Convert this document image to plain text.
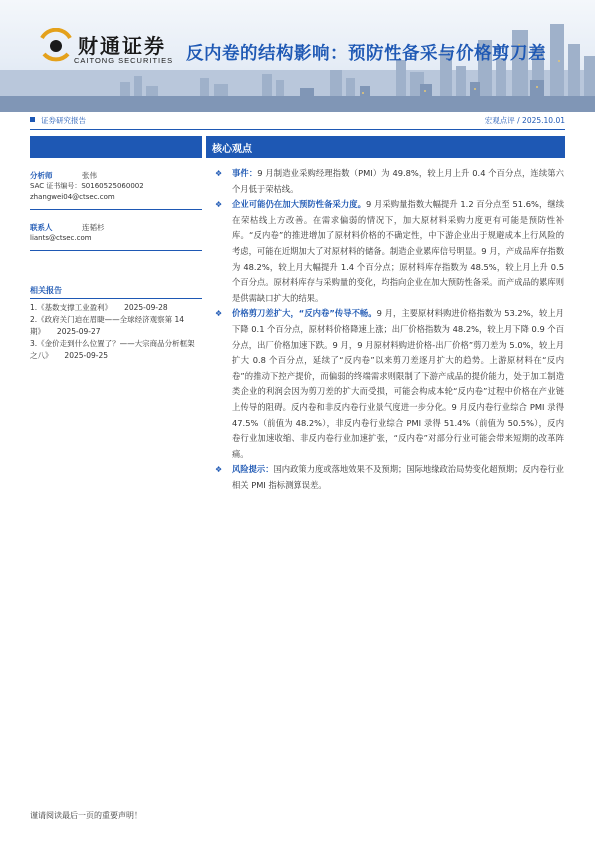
财通证券
CAITONG SECURITIES 反内卷的结构影响：预防性备采与价格剪刀差
证券研究报告	宏观点评 / 2025.10.01
分析师	张伟
SAC 证书编号：S0160525060002
zhangwei04@ctsec.com
联系人	连韬杉
liants@ctsec.com
相关报告
1.《基数支撑工业盈利》 2025-09-28
2.《政府关门迫在眉睫——全球经济观察第 14 期》 2025-09-27
3.《金价走到什么位置了？——大宗商品分析框架之八》 2025-09-25
核心观点
❖ 事件：9 月制造业采购经理指数（PMI）为 49.8%，较上月上升 0.4 个百分点，连续第六个月低于荣枯线。
❖ 企业可能仍在加大预防性备采力度。9 月采购量指数大幅提升 1.2 百分点至 51.6%，继续在荣枯线上方改善。在需求偏弱的情况下，加大原材料采购力度更有可能是预防性补库。“反内卷”的推进增加了原材料价格的不确定性，中下游企业出于规避成本上行风险的考虑，可能在近期加大了对原材料的储备。制造企业累库信号明显。9 月，产成品库存指数为 48.2%，较上月大幅提升 1.4 个百分点；原材料库存指数为 48.5%，较上月上升 0.5 个百分点。原材料库存与采购量的变化，均指向企业在加大预防性备采。而产成品的累库则是供需缺口扩大的结果。
❖ 价格剪刀差扩大，“反内卷”传导不畅。9 月，主要原材料购进价格指数为 53.2%，较上月下降 0.1 个百分点，原材料价格降速上涨；出厂价格指数为 48.2%，较上月下降 0.9 个百分点，出厂价格加速下跌。9 月，9 月原材料购进价格-出厂价格”剪刀差为 5.0%，较上月扩大 0.8 个百分点，延续了“反内卷”以来剪刀差逐月扩大的趋势。上游原材料在“反内卷”的推动下控产提价，而偏弱的终端需求则限制了下游产成品的提价能力，处于加工制造类企业的利润会因为剪刀差的扩大而受损，可能会构成本轮“反内卷”过程中价格在产业链上传导的阻碍。反内卷和非反内卷行业景气度进一步分化。9 月反内卷行业综合 PMI 录得 47.5%（前值为 48.2%），非反内卷行业综合 PMI 录得 51.4%（前值为 50.5%），反内卷行业加速收缩、非反内卷行业加速扩张，“反内卷”对部分行业可能会带来短期的改革阵痛。
❖ 风险提示：国内政策力度或落地效果不及预期；国际地缘政治局势变化超预期；反内卷行业相关 PMI 指标测算误差。
谨请阅读最后一页的重要声明！
